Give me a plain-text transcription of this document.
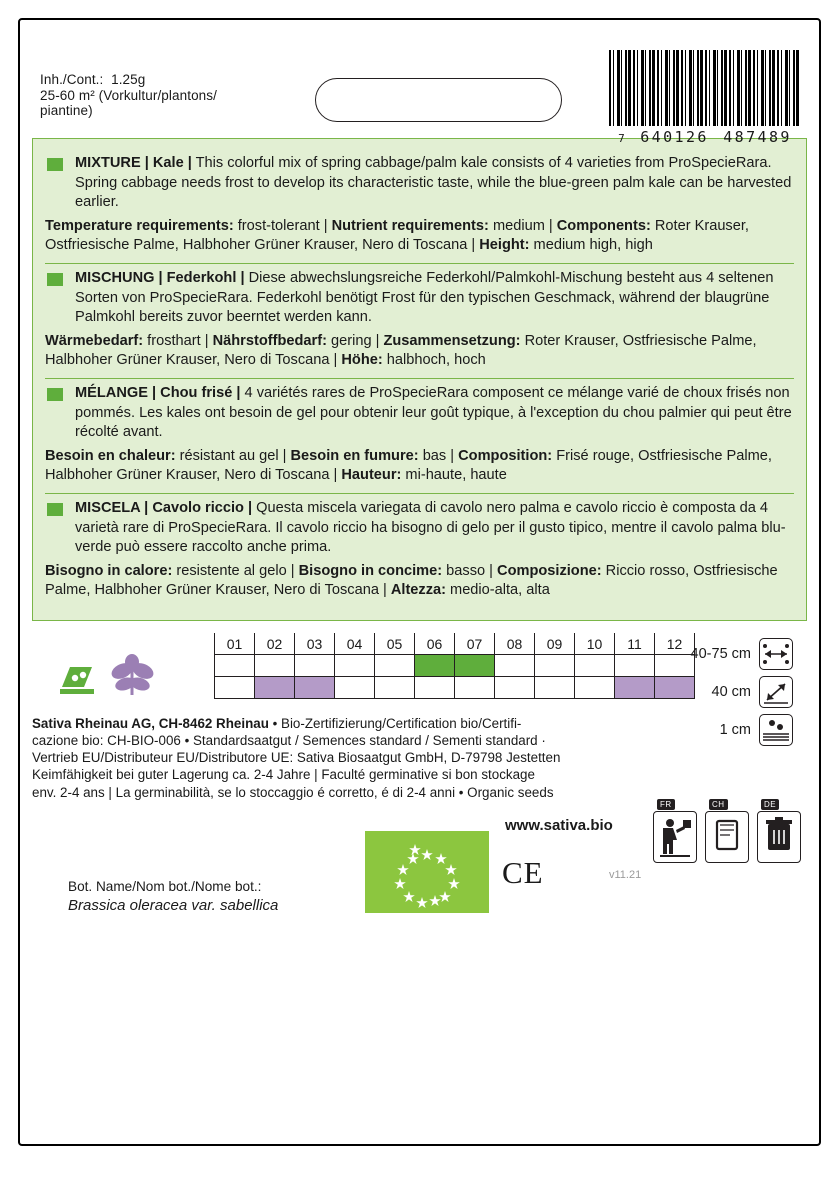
Inh./Cont.:  1.25g
25-60 m² (Vorkultur/plantons/
piantine)
7 640126 487489

MIXTURE | Kale | This colorful mix of spring cabbage/palm kale consists of 4 varieties from ProSpecieRara. Spring cabbage needs frost to develop its characteristic taste, while the blue-green palm kale can be harvested earlier.

Temperature requirements: frost-tolerant | Nutrient requirements: medium | Components: Roter Krauser, Ostfriesische Palme, Halbhoher Grüner Krauser, Nero di Toscana | Height: medium high, high

MISCHUNG | Federkohl | Diese abwechslungsreiche Federkohl/Palmkohl-Mischung besteht aus 4 seltenen Sorten von ProSpecieRara. Federkohl benötigt Frost für den typischen Geschmack, während der blaugrüne Palmkohl bereits zuvor beerntet werden kann.

Wärmebedarf: frosthart | Nährstoffbedarf: gering | Zusammensetzung: Roter Krauser, Ostfriesische Palme, Halbhoher Grüner Krauser, Nero di Toscana | Höhe: halbhoch, hoch

MÉLANGE | Chou frisé | 4 variétés rares de ProSpecieRara composent ce mélange varié de choux frisés non pommés. Les kales ont besoin de gel pour obtenir leur goût typique, à l'exception du chou palmier qui peut être récolté avant.

Besoin en chaleur: résistant au gel | Besoin en fumure: bas | Composition: Frisé rouge, Ostfriesische Palme, Halbhoher Grüner Krauser, Nero di Toscana | Hauteur: mi-haute, haute

MISCELA | Cavolo riccio | Questa miscela variegata di cavolo nero palma e cavolo riccio è composta da 4 varietà rare di ProSpecieRara. Il cavolo riccio ha bisogno di gelo per il gusto tipico, mentre il cavolo palma blu-verde può essere raccolto anche prima.

Bisogno in calore: resistente al gelo | Bisogno in concime: basso | Composizione: Riccio rosso, Ostfriesische Palme, Halbhoher Grüner Krauser, Nero di Toscana | Altezza: medio-alta, alta

01	02	03	04	05	06	07	08	09	10	11	12

40-75 cm
40 cm
1 cm

Sativa Rheinau AG, CH-8462 Rheinau • Bio-Zertifizierung/Certification bio/Certifi-

cazione bio: CH-BIO-006 • Standardsaatgut / Semences standard / Sementi standard ·

Vertrieb EU/Distributeur EU/Distributore UE: Sativa Biosaatgut GmbH, D-79798 Jestetten

Keimfähigkeit bei guter Lagerung ca. 2-4 Jahre | Faculté germinative si bon stockage

env. 2-4 ans | La germinabilità, se lo stoccaggio é corretto, é di 2-4 anni • Organic seeds

Bot. Name/Nom bot./Nome bot.:
Brassica oleracea var. sabellica
www.sativa.bio
CE	v11.21
FR	CH	DE
